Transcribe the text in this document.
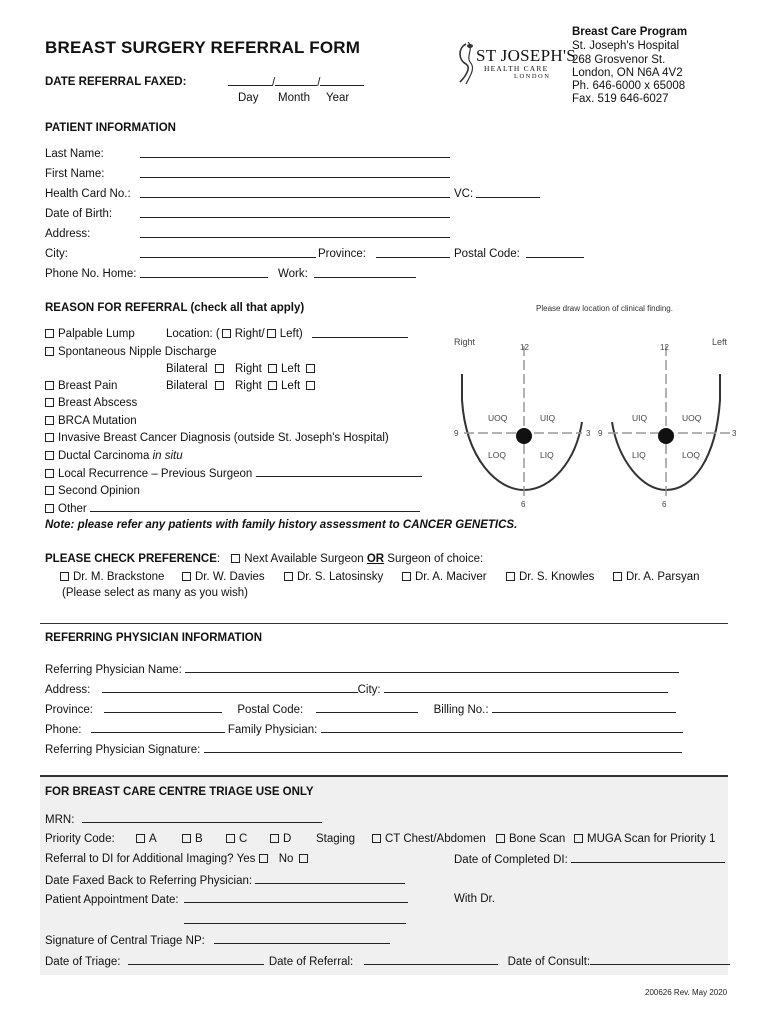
BREAST SURGERY REFERRAL FORM
DATE REFERRAL FAXED:	/	/
Day Month Year
ST JOSEPH'S
HEALTH CARE
LONDON
Breast Care Program
St. Joseph's Hospital
268 Grosvenor St.
London, ON N6A 4V2
Ph. 646-6000 x 65008
Fax. 519 646-6027
PATIENT INFORMATION
Last Name:
First Name:
Health Card No.:	VC:
Date of Birth:
Address:
City:	Province:	Postal Code:
Phone No. Home:	Work:
REASON FOR REFERRAL (check all that apply)	Please draw location of clinical finding.
Palpable Lump	Location: ( Right/ Left)
Spontaneous Nipple Discharge
Bilateral Right Left
Breast Pain	Bilateral Right Left
Breast Abscess
BRCA Mutation
Invasive Breast Cancer Diagnosis (outside St. Joseph's Hospital)
Ductal Carcinoma in situ
Local Recurrence – Previous Surgeon
Second Opinion
Other
Note: please refer any patients with family history assessment to CANCER GENETICS.
Right	Left
12	12
9	3 9	3
6	6
UOQ	UIQ
LOQ	LIQ
UIQ	UOQ
LIQ	LOQ
PLEASE CHECK PREFERENCE: Next Available Surgeon OR Surgeon of choice:
Dr. M. Brackstone	Dr. W. Davies	Dr. S. Latosinsky	Dr. A. Maciver	Dr. S. Knowles	Dr. A. Parsyan
(Please select as many as you wish)
REFERRING PHYSICIAN INFORMATION
Referring Physician Name:
Address:	City:
Province:	Postal Code:	Billing No.:
Phone:	Family Physician:
Referring Physician Signature:
FOR BREAST CARE CENTRE TRIAGE USE ONLY
MRN:
Priority Code:	A	B	C	D Staging	CT Chest/Abdomen	Bone Scan	MUGA Scan for Priority 1
Referral to DI for Additional Imaging? Yes No	Date of Completed DI:
Date Faxed Back to Referring Physician:
Patient Appointment Date:	With Dr.
Signature of Central Triage NP:
Date of Triage:	Date of Referral:	Date of Consult:
200626 Rev. May 2020
